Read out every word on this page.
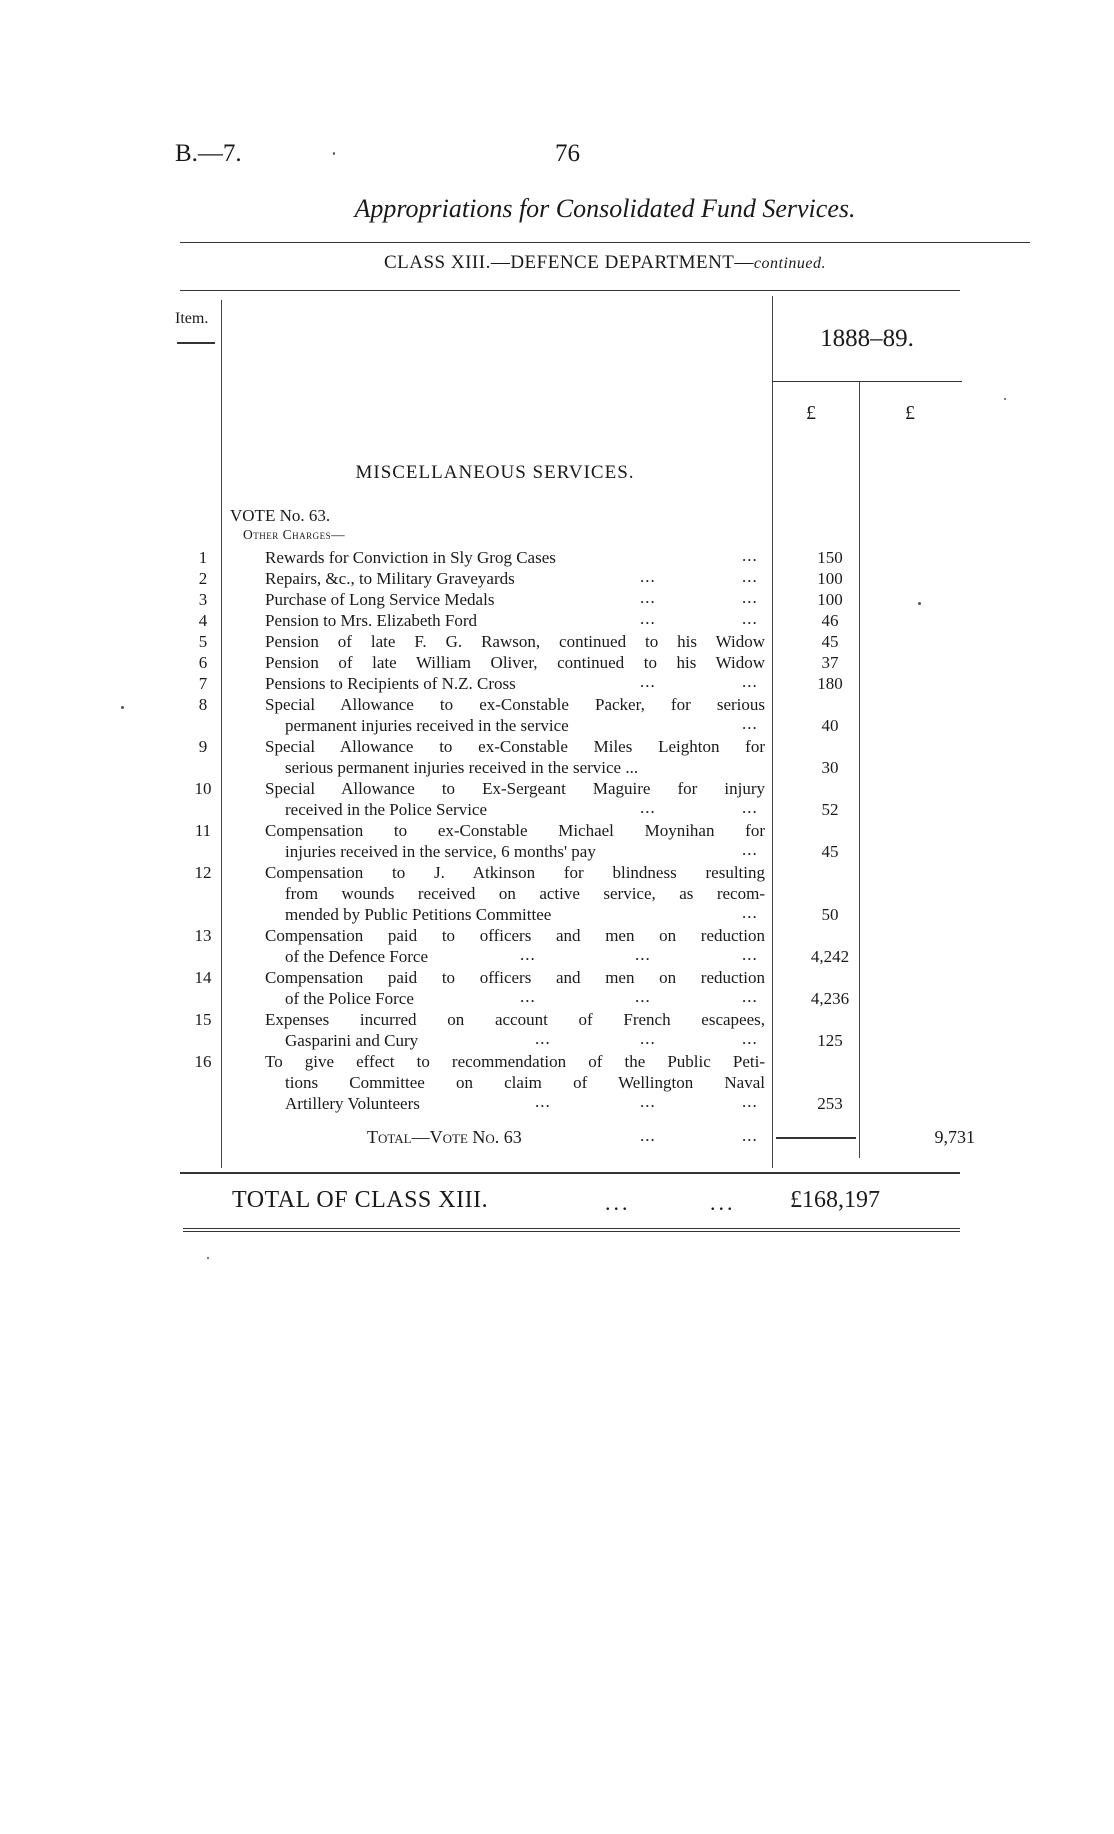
B.—7.	76
Appropriations for Consolidated Fund Services.
CLASS XIII.—DEFENCE DEPARTMENT—continued.
Item.
1888–89.
£	£
MISCELLANEOUS SERVICES.
VOTE No. 63.
Other Charges—
1	Rewards for Conviction in Sly Grog Cases	...	150
2	Repairs, &c., to Military Graveyards	...	...	100
3	Purchase of Long Service Medals	...	...	100
4	Pension to Mrs. Elizabeth Ford	...	...	46
5	Pension of late F. G. Rawson, continued to his Widow	45
6	Pension of late William Oliver, continued to his Widow	37
7	Pensions to Recipients of N.Z. Cross	...	...	180
8	Special Allowance to ex-Constable Packer, for serious
permanent injuries received in the service	...	40
9	Special Allowance to ex-Constable Miles Leighton for
serious permanent injuries received in the service ...	30
10	Special Allowance to Ex-Sergeant Maguire for injury
received in the Police Service	...	...	52
11	Compensation to ex-Constable Michael Moynihan for
injuries received in the service, 6 months' pay	...	45
12	Compensation to J. Atkinson for blindness resulting
from wounds received on active service, as recom-
mended by Public Petitions Committee	...	50
13	Compensation paid to officers and men on reduction
of the Defence Force	...	...	...	4,242
14	Compensation paid to officers and men on reduction
of the Police Force	...	...	...	4,236
15	Expenses incurred on account of French escapees,
Gasparini and Cury	...	...	...	125
16	To give effect to recommendation of the Public Peti-
tions Committee on claim of Wellington Naval
Artillery Volunteers	...	...	...	253
Total—Vote No. 63	...	...	9,731
TOTAL OF CLASS XIII.	...	... £168,197
